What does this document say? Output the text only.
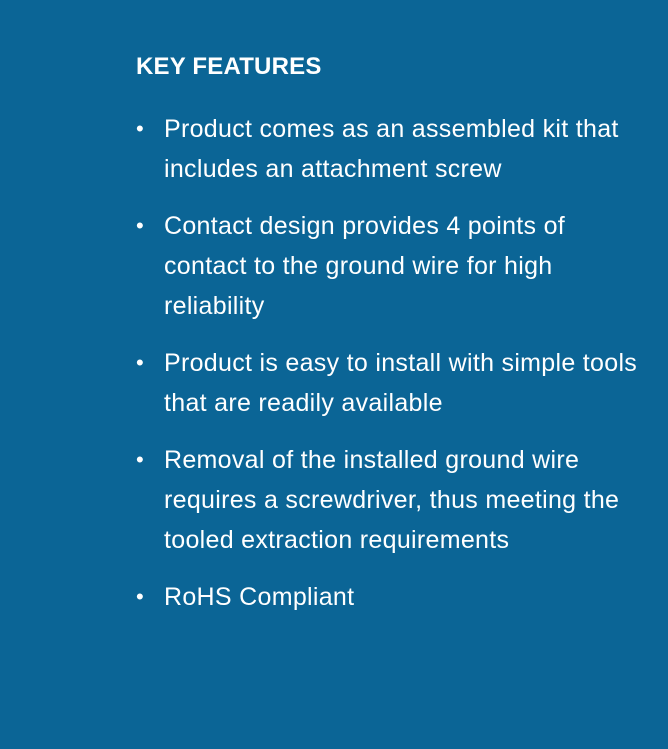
KEY FEATURES
• Product comes as an assembled kit that includes an attachment screw
• Contact design provides 4 points of contact to the ground wire for high reliability
• Product is easy to install with simple tools that are readily available
• Removal of the installed ground wire requires a screwdriver, thus meeting the tooled extraction requirements
• RoHS Compliant
